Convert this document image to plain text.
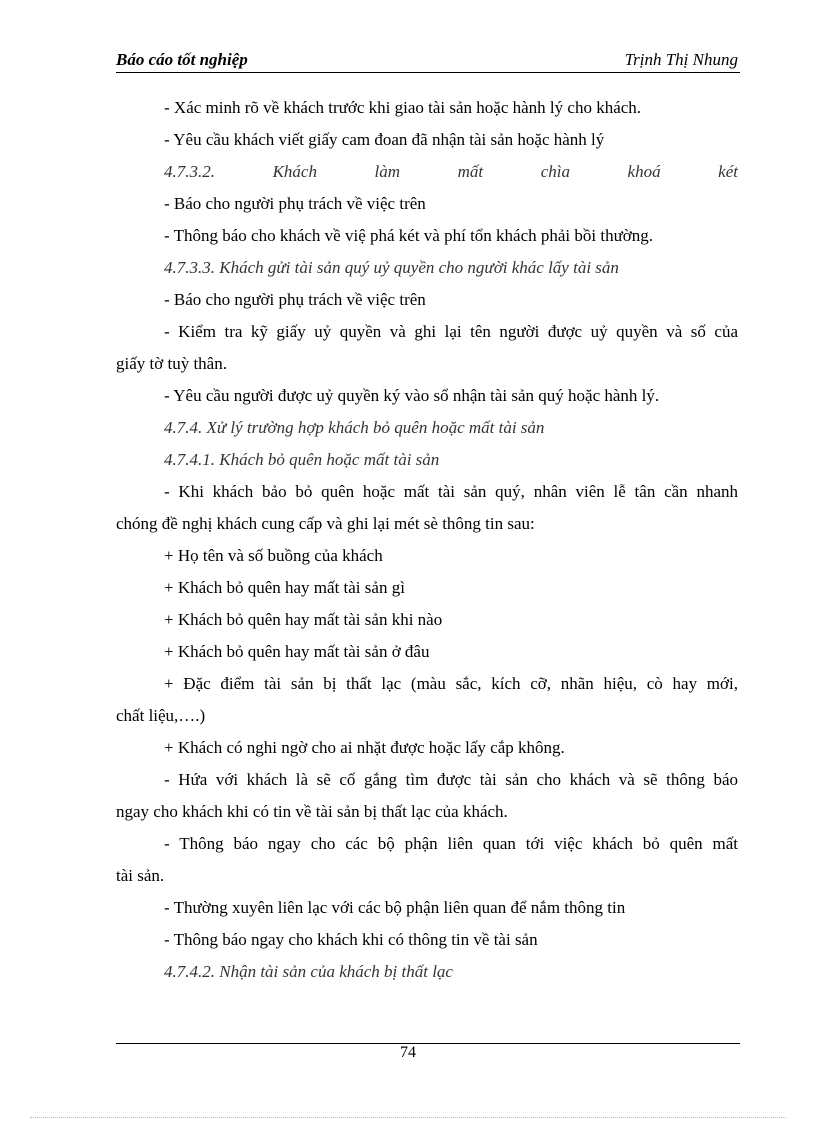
Báo cáo tốt nghiệp	Trịnh Thị Nhung
- Xác minh rõ về khách trước khi giao tài sản hoặc hành lý cho khách.
- Yêu cầu khách viết giấy cam đoan đã nhận tài sản hoặc hành lý
4.7.3.2. Khách làm mất chìa khoá két
- Báo cho người phụ trách về việc trên
- Thông báo cho khách về việ phá két và phí tổn khách phải bồi thường.
4.7.3.3. Khách gửi tài sản quý uỷ quyền cho người khác lấy tài sản
- Báo cho người phụ trách về việc trên
- Kiểm tra kỹ giấy uỷ quyền và ghi lại tên người được uỷ quyền và số của
giấy tờ tuỳ thân.
- Yêu cầu người được uỷ quyền ký vào sổ nhận tài sản quý hoặc hành lý.
4.7.4. Xử lý trường hợp khách bỏ quên hoặc mất tài sản
4.7.4.1. Khách bỏ quên hoặc mất tài sản
- Khi khách bảo bỏ quên hoặc mất tài sản quý, nhân viên lễ tân cần nhanh
chóng đề nghị khách cung cấp và ghi lại mét sè thông tin sau:
+ Họ tên và số buồng của khách
+ Khách bỏ quên hay mất tài sản gì
+ Khách bỏ quên hay mất tài sản khi nào
+ Khách bỏ quên hay mất tài sản ở đâu
+ Đặc điểm tài sản bị thất lạc (màu sắc, kích cỡ, nhãn hiệu, cò hay mới,
chất liệu,….)
+ Khách có nghi ngờ cho ai nhặt được hoặc lấy cắp không.
- Hứa với khách là sẽ cố gắng tìm được tài sản cho khách và sẽ thông báo
ngay cho khách khi có tin về tài sản bị thất lạc của khách.
- Thông báo ngay cho các bộ phận liên quan tới việc khách bỏ quên mất
tài sản.
- Thường xuyên liên lạc với các bộ phận liên quan để nắm thông tin
- Thông báo ngay cho khách khi có thông tin về tài sản
4.7.4.2. Nhận tài sản của khách bị thất lạc
74
